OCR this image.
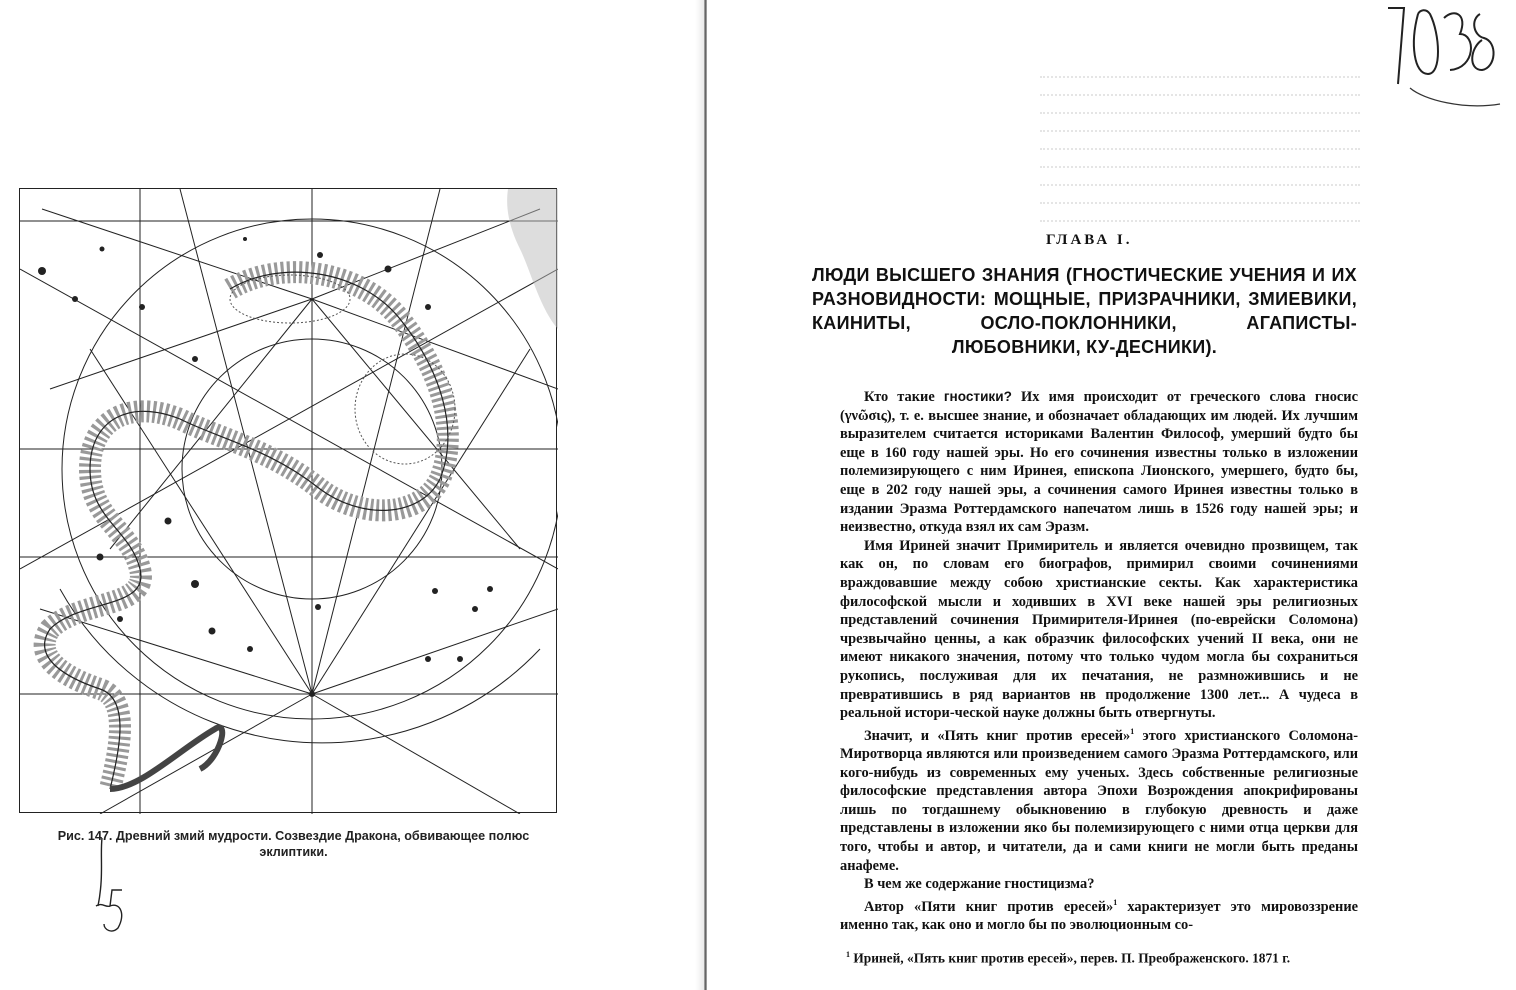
Рис. 147. Древний змий мудрости. Созвездие Дракона, обвивающее полюс эклиптики.
ГЛАВА I.
ЛЮДИ ВЫСШЕГО ЗНАНИЯ (ГНОСТИЧЕСКИЕ УЧЕНИЯ И ИХ РАЗНОВИДНОСТИ: МОЩНЫЕ, ПРИЗРАЧНИКИ, ЗМИЕВИКИ, КАИНИТЫ, ОСЛО-ПОКЛОННИКИ, АГАПИСТЫ-ЛЮБОВНИКИ, КУ-ДЕСНИКИ).

Кто такие гностики? Их имя происходит от греческого слова гносис (γνῶσις), т. е. высшее знание, и обозначает обладающих им людей. Их лучшим выразителем считается историками Валентин Философ, умерший будто бы еще в 160 году нашей эры. Но его сочинения известны только в изложении полемизирующего с ним Иринея, епископа Лионского, умершего, будто бы, еще в 202 году нашей эры, а сочинения самого Иринея известны только в издании Эразма Роттердамского напечатом лишь в 1526 году нашей эры; и неизвестно, откуда взял их сам Эразм.

Имя Ириней значит Примиритель и является очевидно прозвищем, так как он, по словам его биографов, примирил своими сочинениями враждовавшие между собою христианские секты. Как характеристика философской мысли и ходивших в XVI веке нашей эры религиозных представлений сочинения Примирителя-Иринея (по-еврейски Соломона) чрезвычайно ценны, а как образчик философских учений II века, они не имеют никакого значения, потому что только чудом могла бы сохраниться рукопись, послуживая для их печатания, не размножившись и не превратившись в ряд вариантов нв продолжение 1300 лет... А чудеса в реальной истори-ческой науке должны быть отвергнуты.

Значит, и «Пять книг против ересей»$^1$ этого христианского Соломона-Миротворца являются или произведением самого Эразма Роттердамского, или кого-нибудь из современных ему ученых. Здесь собственные религиозные философские представления автора Эпохи Возрождения апокрифированы лишь по тогдашнему обыкновению в глубокую древность и даже представлены в изложении яко бы полемизирующего с ними отца церкви для того, чтобы и автор, и читатели, да и сами книги не могли быть преданы анафеме.

В чем же содержание гностицизма?

Автор «Пяти книг против ересей»$^1$ характеризует это мировоззрение именно так, как оно и могло бы по эволюционным со-

$^1$ Ириней, «Пять книг против ересей», перев. П. Преображенского. 1871 г.
